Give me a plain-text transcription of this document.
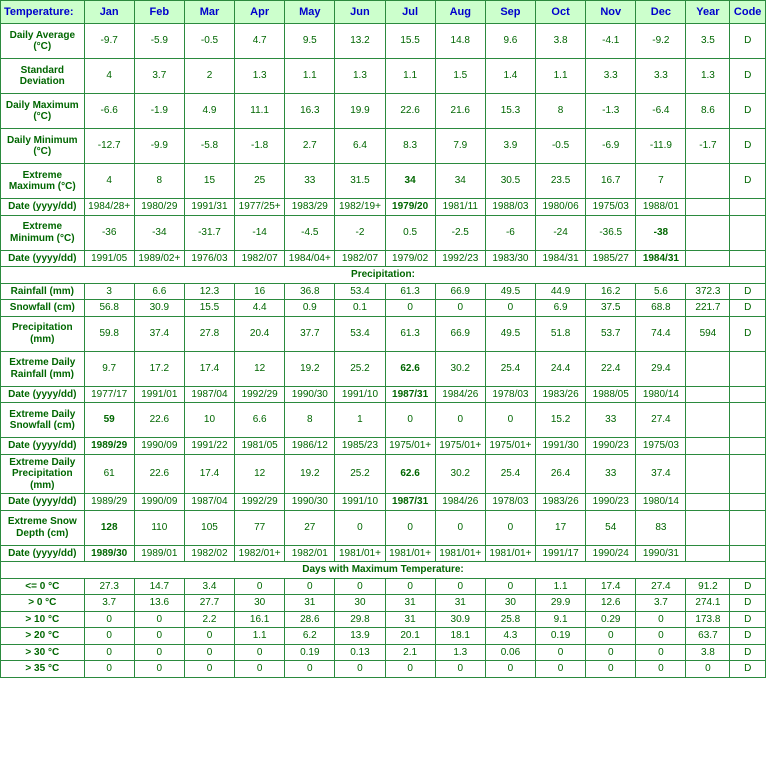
Temperature:	Jan	Feb	Mar	Apr	May	Jun	Jul	Aug	Sep	Oct	Nov	Dec	Year	Code
Daily Average (°C)	-9.7	-5.9	-0.5	4.7	9.5	13.2	15.5	14.8	9.6	3.8	-4.1	-9.2	3.5	D
Standard Deviation	4	3.7	2	1.3	1.1	1.3	1.1	1.5	1.4	1.1	3.3	3.3	1.3	D
Daily Maximum (°C)	-6.6	-1.9	4.9	11.1	16.3	19.9	22.6	21.6	15.3	8	-1.3	-6.4	8.6	D
Daily Minimum (°C)	-12.7	-9.9	-5.8	-1.8	2.7	6.4	8.3	7.9	3.9	-0.5	-6.9	-11.9	-1.7	D
Extreme Maximum (°C)	4	8	15	25	33	31.5	34	34	30.5	23.5	16.7	7		D
Date (yyyy/dd)	1984/28+	1980/29	1991/31	1977/25+	1983/29	1982/19+	1979/20	1981/11	1988/03	1980/06	1975/03	1988/01		
Extreme Minimum (°C)	-36	-34	-31.7	-14	-4.5	-2	0.5	-2.5	-6	-24	-36.5	-38		
Date (yyyy/dd)	1991/05	1989/02+	1976/03	1982/07	1984/04+	1982/07	1979/02	1992/23	1983/30	1984/31	1985/27	1984/31		
Precipitation:														
Rainfall (mm)	3	6.6	12.3	16	36.8	53.4	61.3	66.9	49.5	44.9	16.2	5.6	372.3	D
Snowfall (cm)	56.8	30.9	15.5	4.4	0.9	0.1	0	0	0	6.9	37.5	68.8	221.7	D
Precipitation (mm)	59.8	37.4	27.8	20.4	37.7	53.4	61.3	66.9	49.5	51.8	53.7	74.4	594	D
Extreme Daily Rainfall (mm)	9.7	17.2	17.4	12	19.2	25.2	62.6	30.2	25.4	24.4	22.4	29.4		
Date (yyyy/dd)	1977/17	1991/01	1987/04	1992/29	1990/30	1991/10	1987/31	1984/26	1978/03	1983/26	1988/05	1980/14		
Extreme Daily Snowfall (cm)	59	22.6	10	6.6	8	1	0	0	0	15.2	33	27.4		
Date (yyyy/dd)	1989/29	1990/09	1991/22	1981/05	1986/12	1985/23	1975/01+	1975/01+	1975/01+	1991/30	1990/23	1975/03		
Extreme Daily Precipitation (mm)	61	22.6	17.4	12	19.2	25.2	62.6	30.2	25.4	26.4	33	37.4		
Date (yyyy/dd)	1989/29	1990/09	1987/04	1992/29	1990/30	1991/10	1987/31	1984/26	1978/03	1983/26	1990/23	1980/14		
Extreme Snow Depth (cm)	128	110	105	77	27	0	0	0	0	17	54	83		
Date (yyyy/dd)	1989/30	1989/01	1982/02	1982/01+	1982/01	1981/01+	1981/01+	1981/01+	1981/01+	1991/17	1990/24	1990/31		
Days with Maximum Temperature:														
<= 0 °C	27.3	14.7	3.4	0	0	0	0	0	0	1.1	17.4	27.4	91.2	D
> 0 °C	3.7	13.6	27.7	30	31	30	31	31	30	29.9	12.6	3.7	274.1	D
> 10 °C	0	0	2.2	16.1	28.6	29.8	31	30.9	25.8	9.1	0.29	0	173.8	D
> 20 °C	0	0	0	1.1	6.2	13.9	20.1	18.1	4.3	0.19	0	0	63.7	D
> 30 °C	0	0	0	0	0.19	0.13	2.1	1.3	0.06	0	0	0	3.8	D
> 35 °C	0	0	0	0	0	0	0	0	0	0	0	0	0	D
